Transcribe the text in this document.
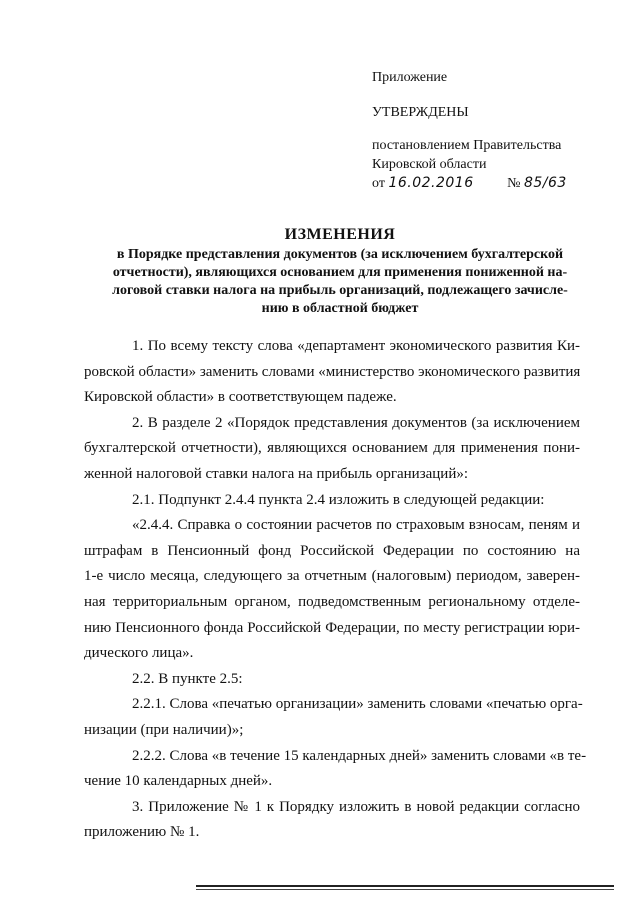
Приложение
УТВЕРЖДЕНЫ
постановлением Правительства
Кировской области
от 16.02.2016 № 85/63
ИЗМЕНЕНИЯ
в Порядке представления документов (за исключением бухгалтерской
отчетности), являющихся основанием для применения пониженной на-
логовой ставки налога на прибыль организаций, подлежащего зачисле-
нию в областной бюджет
1. По всему тексту слова «департамент экономического развития Ки-
ровской области» заменить словами «министерство экономического развития
Кировской области» в соответствующем падеже.
2. В разделе 2 «Порядок представления документов (за исключением
бухгалтерской отчетности), являющихся основанием для применения пони-
женной налоговой ставки налога на прибыль организаций»:
2.1. Подпункт 2.4.4 пункта 2.4 изложить в следующей редакции:
«2.4.4. Справка о состоянии расчетов по страховым взносам, пеням и
штрафам в Пенсионный фонд Российской Федерации по состоянию на
1-е число месяца, следующего за отчетным (налоговым) периодом, заверен-
ная территориальным органом, подведомственным региональному отделе-
нию Пенсионного фонда Российской Федерации, по месту регистрации юри-
дического лица».
2.2. В пункте 2.5:
2.2.1. Слова «печатью организации» заменить словами «печатью орга-
низации (при наличии)»;
2.2.2. Слова «в течение 15 календарных дней» заменить словами «в те-
чение 10 календарных дней».
3. Приложение № 1 к Порядку изложить в новой редакции согласно
приложению № 1.
